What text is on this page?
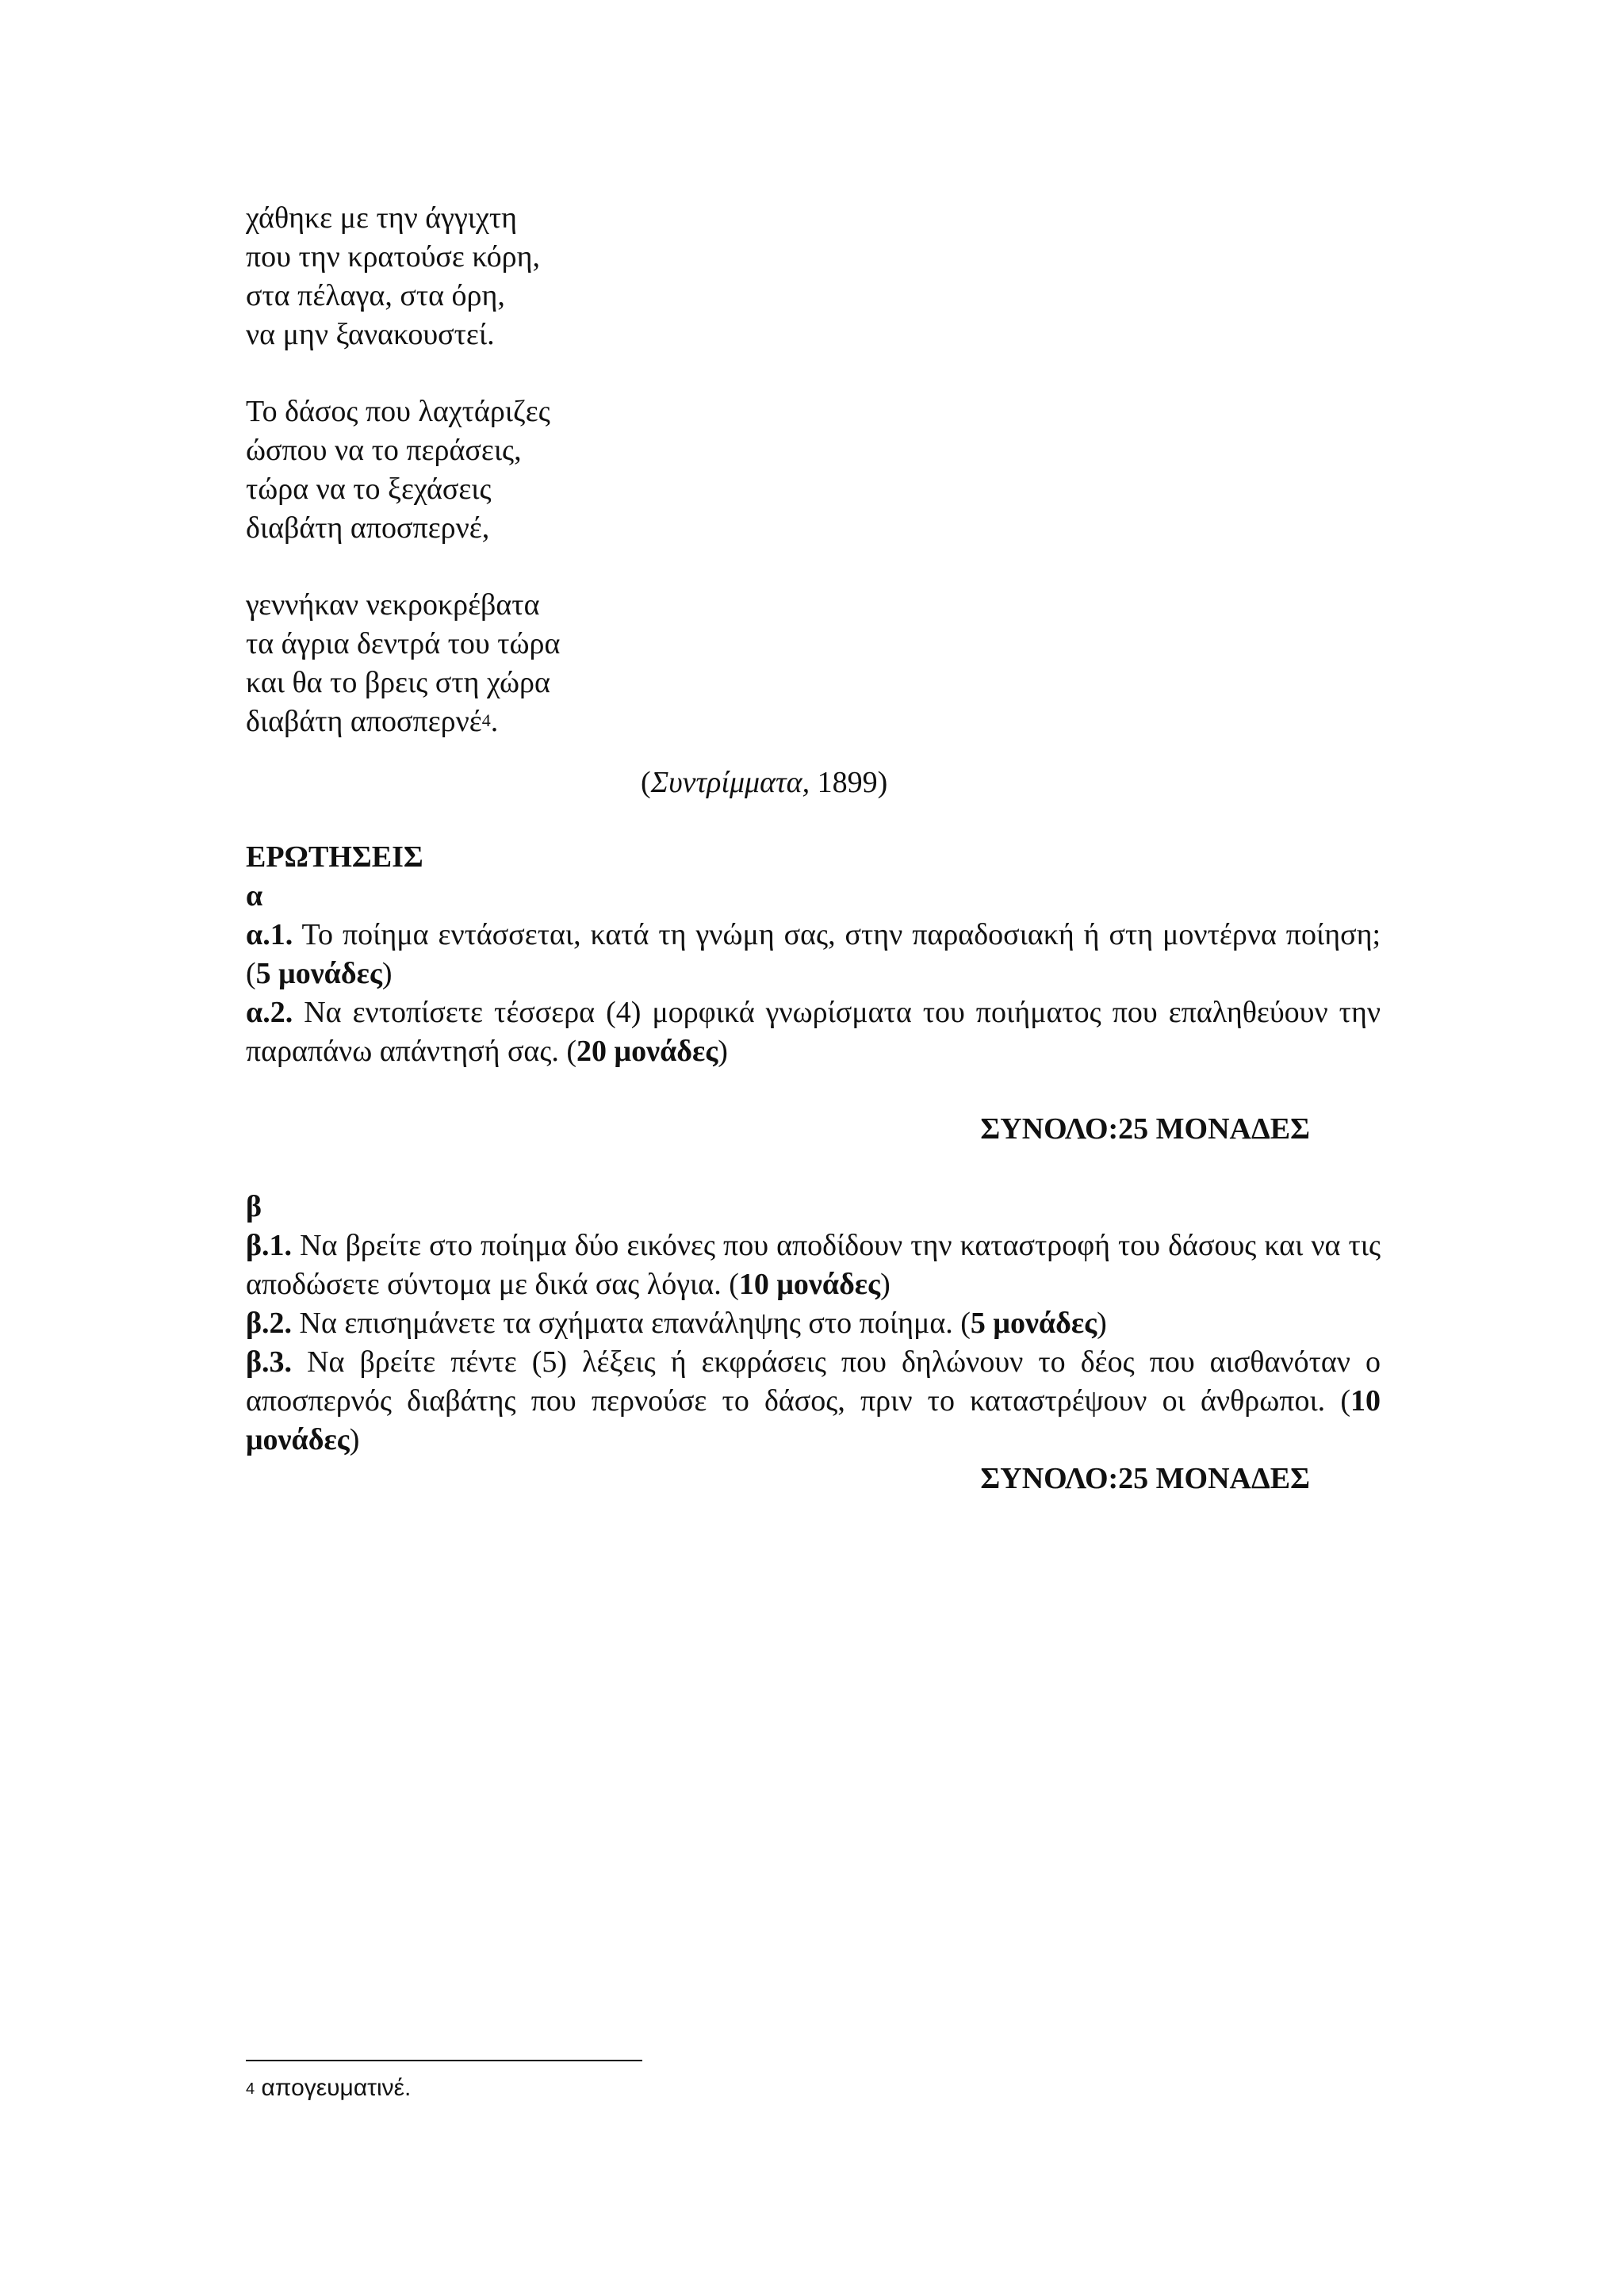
χάθηκε με την άγγιχτη
που την κρατούσε κόρη,
στα πέλαγα, στα όρη,
να μην ξανακουστεί.
Το δάσος που λαχτάριζες
ώσπου να το περάσεις,
τώρα να το ξεχάσεις
διαβάτη αποσπερνέ,
γεννήκαν νεκροκρέβατα
τα άγρια δεντρά του τώρα
και θα το βρεις στη χώρα
διαβάτη αποσπερνέ$^4$.
(Συντρίμματα, 1899)
ΕΡΩΤΗΣΕΙΣ
α

α.1. Το ποίημα εντάσσεται, κατά τη γνώμη σας, στην παραδοσιακή ή στη μοντέρνα ποίηση; (5 μονάδες)

α.2. Να εντοπίσετε τέσσερα (4) μορφικά γνωρίσματα του ποιήματος που επαληθεύουν την παραπάνω απάντησή σας. (20 μονάδες)

ΣΥΝΟΛΟ:25 ΜΟΝΑΔΕΣ
β

β.1. Να βρείτε στο ποίημα δύο εικόνες που αποδίδουν την καταστροφή του δάσους και να τις αποδώσετε σύντομα με δικά σας λόγια. (10 μονάδες)

β.2. Να επισημάνετε τα σχήματα επανάληψης στο ποίημα. (5 μονάδες)

β.3. Να βρείτε πέντε (5) λέξεις ή εκφράσεις που δηλώνουν το δέος που αισθανόταν ο αποσπερνός διαβάτης που περνούσε το δάσος, πριν το καταστρέψουν οι άνθρωποι. (10 μονάδες)

ΣΥΝΟΛΟ:25 ΜΟΝΑΔΕΣ
$^4$ απογευματινέ.
